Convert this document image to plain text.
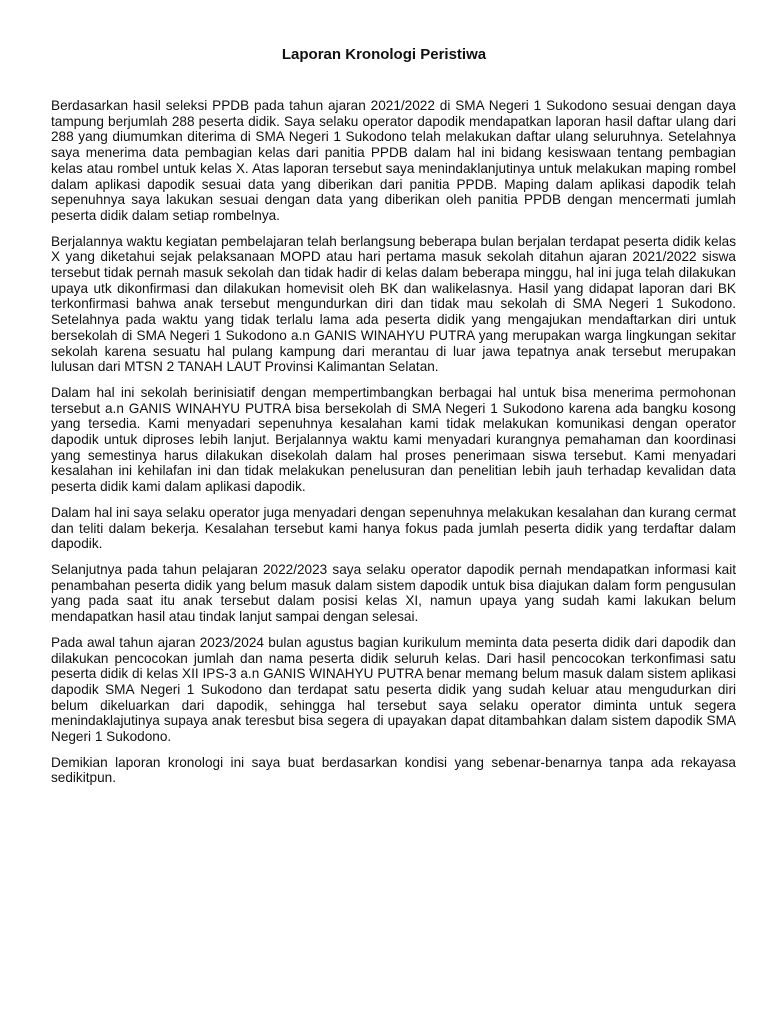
Laporan Kronologi Peristiwa

Berdasarkan hasil seleksi PPDB pada tahun ajaran 2021/2022 di SMA Negeri 1 Sukodono sesuai dengan daya tampung berjumlah 288 peserta didik. Saya selaku operator dapodik mendapatkan laporan hasil daftar ulang dari 288 yang diumumkan diterima di SMA Negeri 1 Sukodono telah melakukan daftar ulang seluruhnya. Setelahnya saya menerima data pembagian kelas dari panitia PPDB dalam hal ini bidang kesiswaan tentang pembagian kelas atau rombel untuk kelas X. Atas laporan tersebut saya menindaklanjutinya untuk melakukan maping rombel dalam aplikasi dapodik sesuai data yang diberikan dari panitia PPDB. Maping dalam aplikasi dapodik telah sepenuhnya saya lakukan sesuai dengan data yang diberikan oleh panitia PPDB dengan mencermati jumlah peserta didik dalam setiap rombelnya.

Berjalannya waktu kegiatan pembelajaran telah berlangsung beberapa bulan berjalan terdapat peserta didik kelas X yang diketahui sejak pelaksanaan MOPD atau hari pertama masuk sekolah ditahun ajaran 2021/2022 siswa tersebut tidak pernah masuk sekolah dan tidak hadir di kelas dalam beberapa minggu, hal ini juga telah dilakukan upaya utk dikonfirmasi dan dilakukan homevisit oleh BK dan walikelasnya. Hasil yang didapat laporan dari BK terkonfirmasi bahwa anak tersebut mengundurkan diri dan tidak mau sekolah di SMA Negeri 1 Sukodono. Setelahnya pada waktu yang tidak terlalu lama ada peserta didik yang mengajukan mendaftarkan diri untuk bersekolah di SMA Negeri 1 Sukodono a.n GANIS WINAHYU PUTRA yang merupakan warga lingkungan sekitar sekolah karena sesuatu hal pulang kampung dari merantau di luar jawa tepatnya anak tersebut merupakan lulusan dari MTSN 2 TANAH LAUT Provinsi Kalimantan Selatan.

Dalam hal ini sekolah berinisiatif dengan mempertimbangkan berbagai hal untuk bisa menerima permohonan tersebut a.n GANIS WINAHYU PUTRA bisa bersekolah di SMA Negeri 1 Sukodono karena ada bangku kosong yang tersedia. Kami menyadari sepenuhnya kesalahan kami tidak melakukan komunikasi dengan operator dapodik untuk diproses lebih lanjut. Berjalannya waktu kami menyadari kurangnya pemahaman dan koordinasi yang semestinya harus dilakukan disekolah dalam hal proses penerimaan siswa tersebut. Kami menyadari kesalahan ini kehilafan ini dan tidak melakukan penelusuran dan penelitian lebih jauh terhadap kevalidan data peserta didik kami dalam aplikasi dapodik.

Dalam hal ini saya selaku operator juga menyadari dengan sepenuhnya melakukan kesalahan dan kurang cermat dan teliti dalam bekerja. Kesalahan tersebut kami hanya fokus pada jumlah peserta didik yang terdaftar dalam dapodik.

Selanjutnya pada tahun pelajaran 2022/2023 saya selaku operator dapodik pernah mendapatkan informasi kait penambahan peserta didik yang belum masuk dalam sistem dapodik untuk bisa diajukan dalam form pengusulan yang pada saat itu anak tersebut dalam posisi kelas XI, namun upaya yang sudah kami lakukan belum mendapatkan hasil atau tindak lanjut sampai dengan selesai.

Pada awal tahun ajaran 2023/2024 bulan agustus bagian kurikulum meminta data peserta didik dari dapodik dan dilakukan pencocokan jumlah dan nama peserta didik seluruh kelas. Dari hasil pencocokan terkonfimasi satu peserta didik di kelas XII IPS-3 a.n GANIS WINAHYU PUTRA benar memang belum masuk dalam sistem aplikasi dapodik SMA Negeri 1 Sukodono dan terdapat satu peserta didik yang sudah keluar atau mengudurkan diri belum dikeluarkan dari dapodik, sehingga hal tersebut saya selaku operator diminta untuk segera menindaklajutinya supaya anak teresbut bisa segera di upayakan dapat ditambahkan dalam sistem dapodik SMA Negeri 1 Sukodono.

Demikian laporan kronologi ini saya buat berdasarkan kondisi yang sebenar-benarnya tanpa ada rekayasa sedikitpun.
